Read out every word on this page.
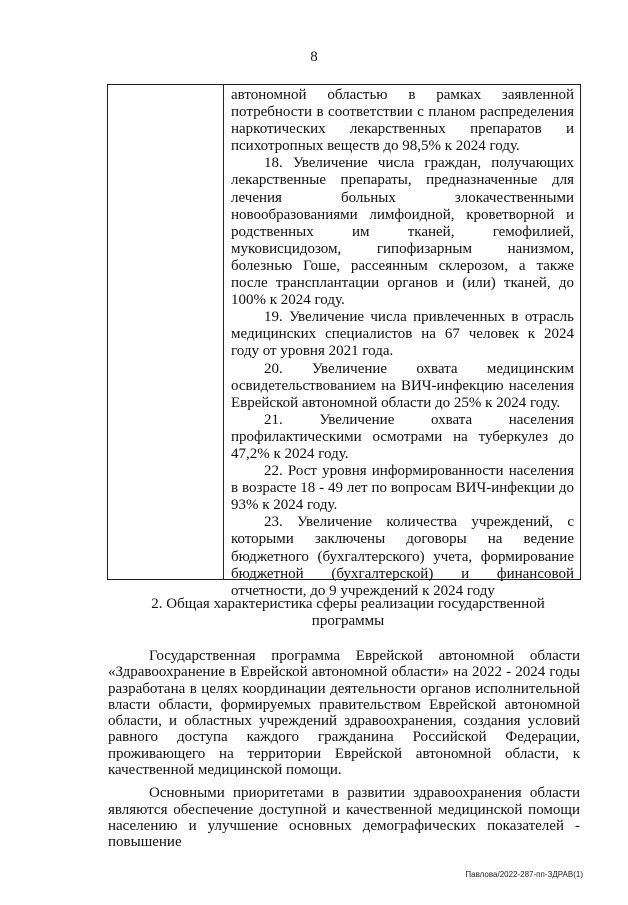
8

автономной областью в рамках заявленной потребности в соответствии с планом распределения наркотических лекарственных препаратов и психотропных веществ до 98,5% к 2024 году.

18. Увеличение числа граждан, получающих лекарственные препараты, предназначенные для лечения больных злокачественными новообразованиями лимфоидной, кроветворной и родственных им тканей, гемофилией, муковисцидозом, гипофизарным нанизмом, болезнью Гоше, рассеянным склерозом, а также после трансплантации органов и (или) тканей, до 100% к 2024 году.

19. Увеличение числа привлеченных в отрасль медицинских специалистов на 67 человек к 2024 году от уровня 2021 года.

20. Увеличение охвата медицинским освидетельствованием на ВИЧ-инфекцию населения Еврейской автономной области до 25% к 2024 году.

21. Увеличение охвата населения профилактическими осмотрами на туберкулез до 47,2% к 2024 году.

22. Рост уровня информированности населения в возрасте 18 - 49 лет по вопросам ВИЧ-инфекции до 93% к 2024 году.

23. Увеличение количества учреждений, с которыми заключены договоры на ведение бюджетного (бухгалтерского) учета, формирование бюджетной (бухгалтерской) и финансовой отчетности, до 9 учреждений к 2024 году

2. Общая характеристика сферы реализации государственной программы

Государственная программа Еврейской автономной области «Здравоохранение в Еврейской автономной области» на 2022 - 2024 годы разработана в целях координации деятельности органов исполнительной власти области, формируемых правительством Еврейской автономной области, и областных учреждений здравоохранения, создания условий равного доступа каждого гражданина Российской Федерации, проживающего на территории Еврейской автономной области, к качественной медицинской помощи.

Основными приоритетами в развитии здравоохранения области являются обеспечение доступной и качественной медицинской помощи населению и улучшение основных демографических показателей - повышение

Павлова/2022-287-пп-ЗДРАВ(1)
